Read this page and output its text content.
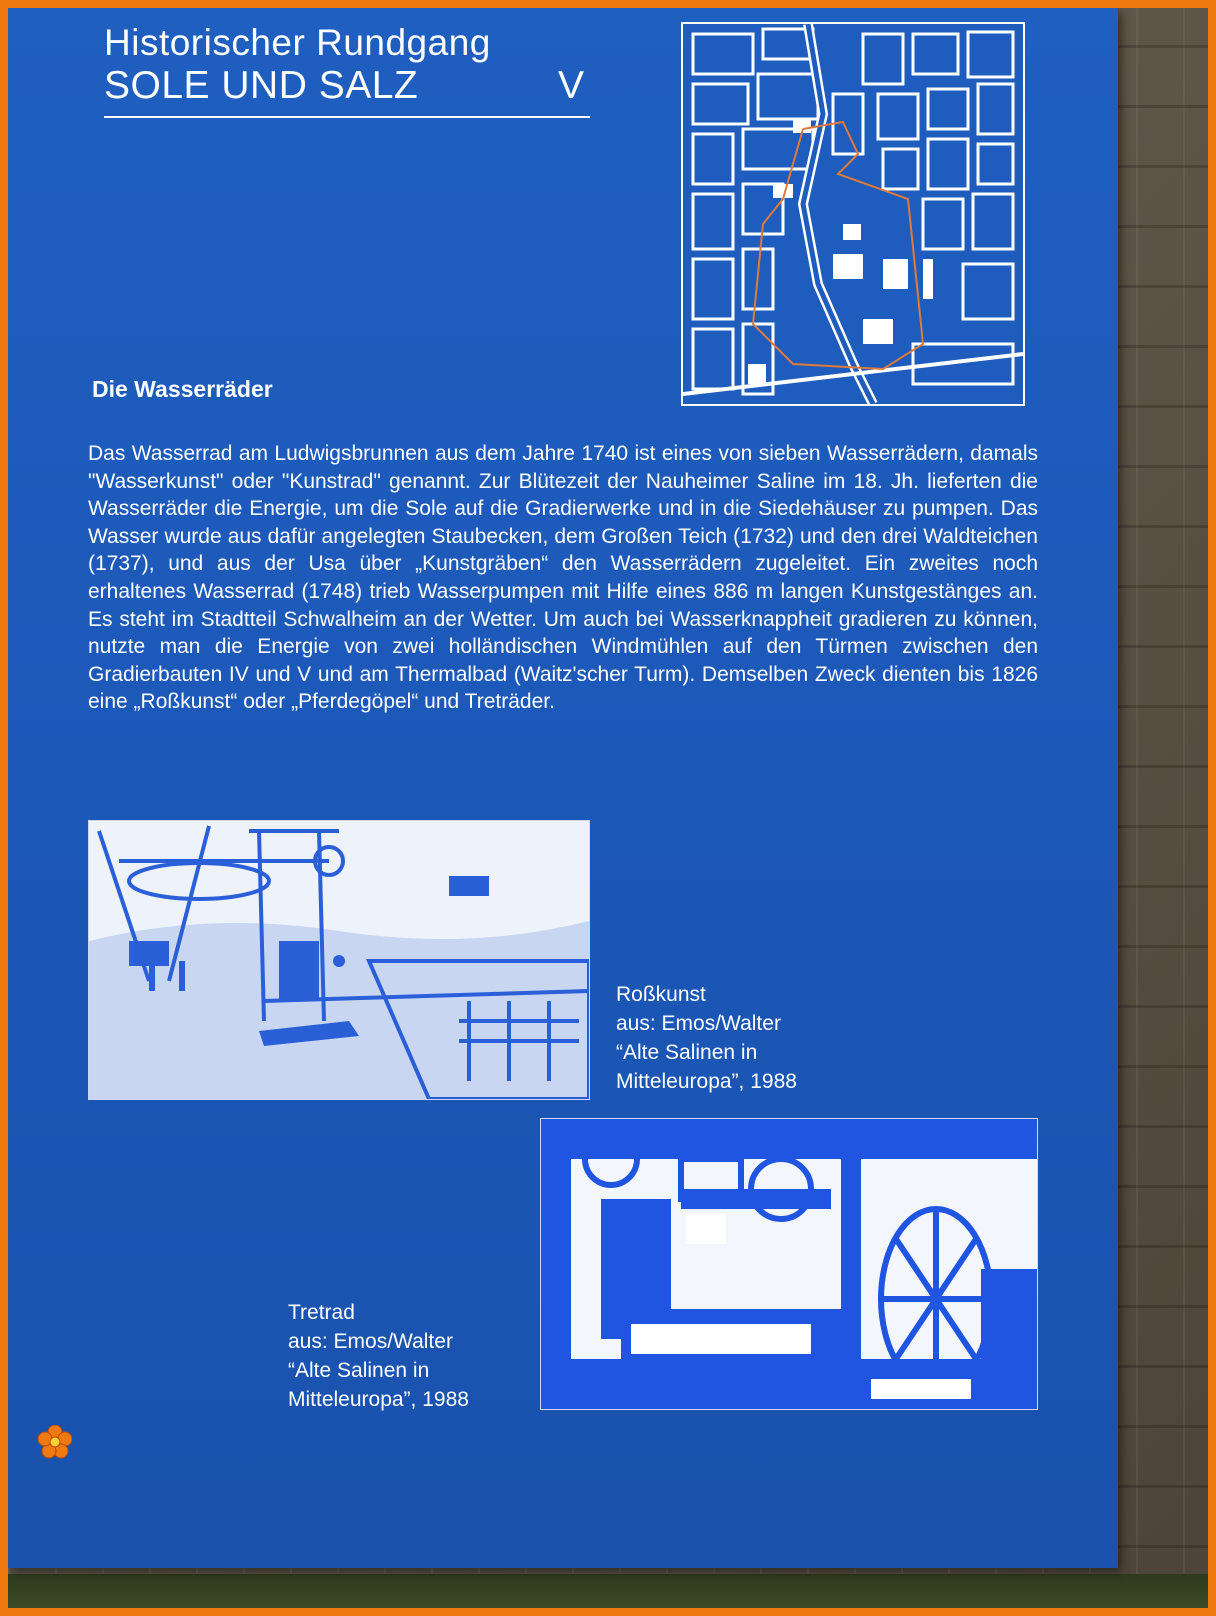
Historischer Rundgang
SOLE UND SALZ	V
Die Wasserräder
Das Wasserrad am Ludwigsbrunnen aus dem Jahre 1740 ist eines von sieben Wasserrädern, damals "Wasserkunst" oder "Kunstrad" genannt. Zur Blütezeit der Nauheimer Saline im 18. Jh. lieferten die Wasserräder die Energie, um die Sole auf die Gradierwerke und in die Siedehäuser zu pumpen. Das Wasser wurde aus dafür angelegten Staubecken, dem Großen Teich (1732) und den drei Waldteichen (1737), und aus der Usa über „Kunstgräben“ den Wasserrädern zugeleitet. Ein zweites noch erhaltenes Wasserrad (1748) trieb Wasserpumpen mit Hilfe eines 886 m langen Kunstgestänges an. Es steht im Stadtteil Schwalheim an der Wetter. Um auch bei Wasserknappheit gradieren zu können, nutzte man die Energie von zwei holländischen Windmühlen auf den Türmen zwischen den Gradierbauten IV und V und am Thermalbad (Waitz'scher Turm). Demselben Zweck dienten bis 1826 eine „Roßkunst“ oder „Pferdegöpel“ und Treträder.
Roßkunst
aus: Emos/Walter
“Alte Salinen in
Mitteleuropa”, 1988
Tretrad
aus: Emos/Walter
“Alte Salinen in
Mitteleuropa”, 1988
